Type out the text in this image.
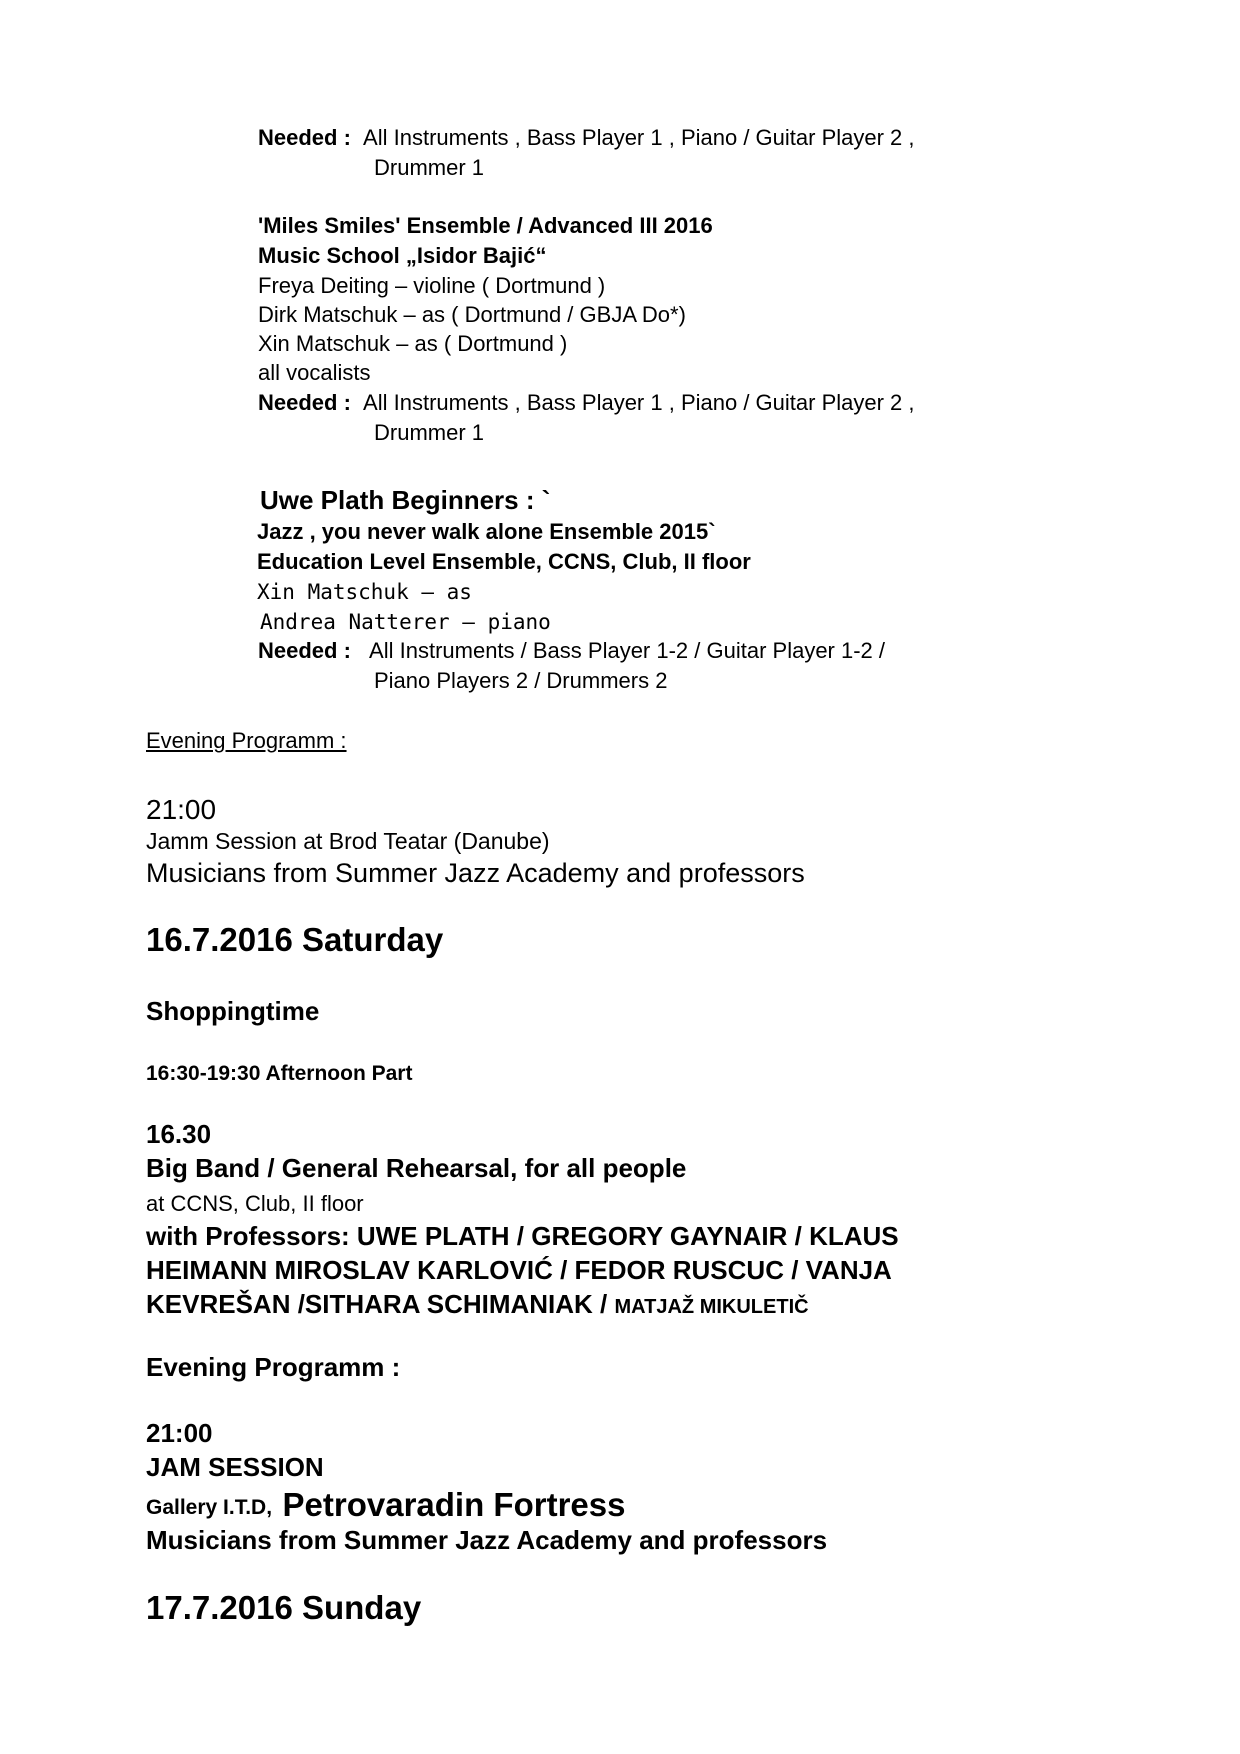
Needed : All Instruments , Bass Player 1 , Piano / Guitar Player 2 ,
Drummer 1
'Miles Smiles' Ensemble / Advanced III 2016
Music School „Isidor Bajić“
Freya Deiting – violine ( Dortmund )
Dirk Matschuk – as ( Dortmund / GBJA Do*)
Xin Matschuk – as ( Dortmund )
all vocalists
Needed : All Instruments , Bass Player 1 , Piano / Guitar Player 2 ,
Drummer 1
Uwe Plath Beginners : `
Jazz , you never walk alone Ensemble 2015`
Education Level Ensemble, CCNS, Club, II floor
Xin Matschuk – as
Andrea Natterer – piano
Needed : All Instruments / Bass Player 1-2 / Guitar Player 1-2 /
Piano Players 2 / Drummers 2
Evening Programm :
21:00
Jamm Session at Brod Teatar (Danube)
Musicians from Summer Jazz Academy and professors
16.7.2016 Saturday
Shoppingtime
16:30-19:30 Afternoon Part
16.30
Big Band / General Rehearsal, for all people
at CCNS, Club, II floor
with Professors: UWE PLATH / GREGORY GAYNAIR / KLAUS
HEIMANN MIROSLAV KARLOVIĆ / FEDOR RUSCUC / VANJA
KEVREŠAN /SITHARA SCHIMANIAK / MATJAŽ MIKULETIČ
Evening Programm :
21:00
JAM SESSION
Gallery I.T.D, Petrovaradin Fortress
Musicians from Summer Jazz Academy and professors
17.7.2016 Sunday
